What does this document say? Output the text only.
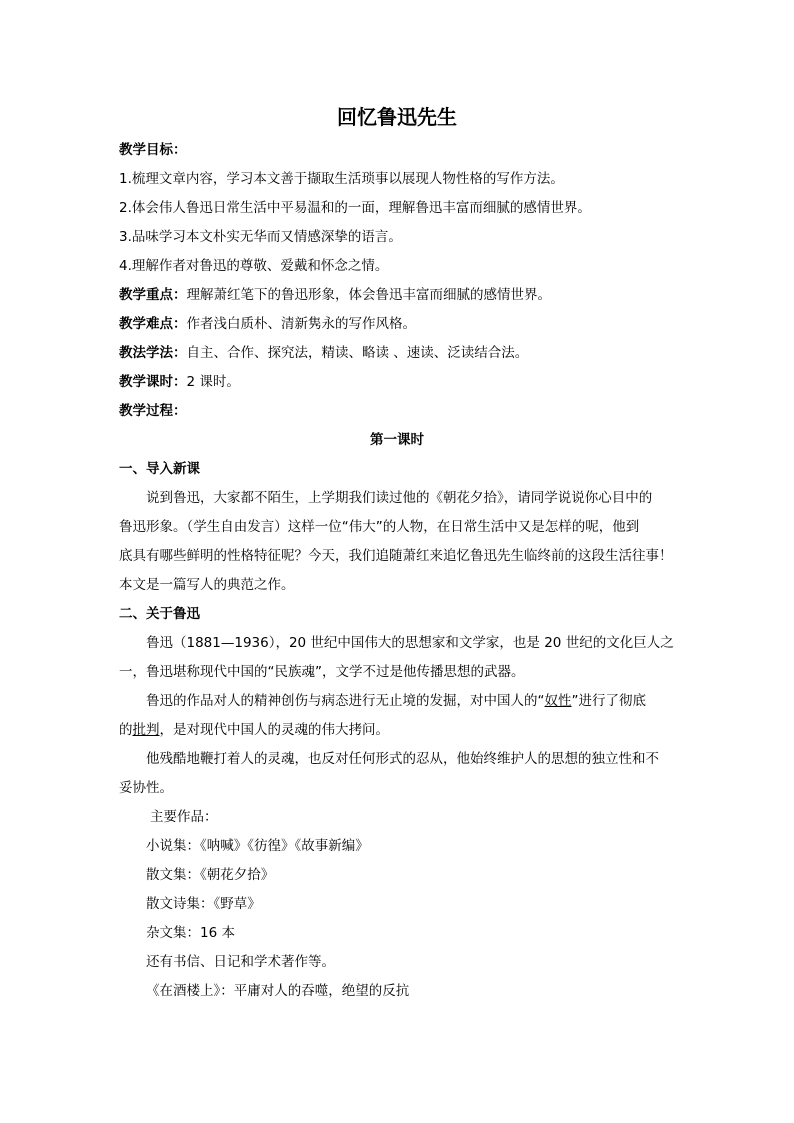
回忆鲁迅先生
教学目标：
1.梳理文章内容，学习本文善于撷取生活琐事以展现人物性格的写作方法。
2.体会伟人鲁迅日常生活中平易温和的一面，理解鲁迅丰富而细腻的感情世界。
3.品味学习本文朴实无华而又情感深挚的语言。
4.理解作者对鲁迅的尊敬、爱戴和怀念之情。
教学重点：理解萧红笔下的鲁迅形象，体会鲁迅丰富而细腻的感情世界。
教学难点：作者浅白质朴、清新隽永的写作风格。
教法学法：自主、合作、探究法，精读、略读 、速读、泛读结合法。
教学课时：2 课时。
教学过程：
第一课时
一、导入新课
说到鲁迅，大家都不陌生，上学期我们读过他的《朝花夕拾》，请同学说说你心目中的
鲁迅形象。（学生自由发言）这样一位“伟大”的人物，在日常生活中又是怎样的呢，他到
底具有哪些鲜明的性格特征呢？今天，我们追随萧红来追忆鲁迅先生临终前的这段生活往事！
本文是一篇写人的典范之作。
二、关于鲁迅
鲁迅（1881—1936），20 世纪中国伟大的思想家和文学家，也是 20 世纪的文化巨人之
一，鲁迅堪称现代中国的“民族魂”，文学不过是他传播思想的武器。
鲁迅的作品对人的精神创伤与病态进行无止境的发掘，对中国人的“奴性”进行了彻底
的批判，是对现代中国人的灵魂的伟大拷问。
他残酷地鞭打着人的灵魂，也反对任何形式的忍从，他始终维护人的思想的独立性和不
妥协性。
主要作品：
小说集：《呐喊》《彷徨》《故事新编》
散文集：《朝花夕拾》
散文诗集：《野草》
杂文集：16 本
还有书信、日记和学术著作等。
《在酒楼上》：平庸对人的吞噬，绝望的反抗
